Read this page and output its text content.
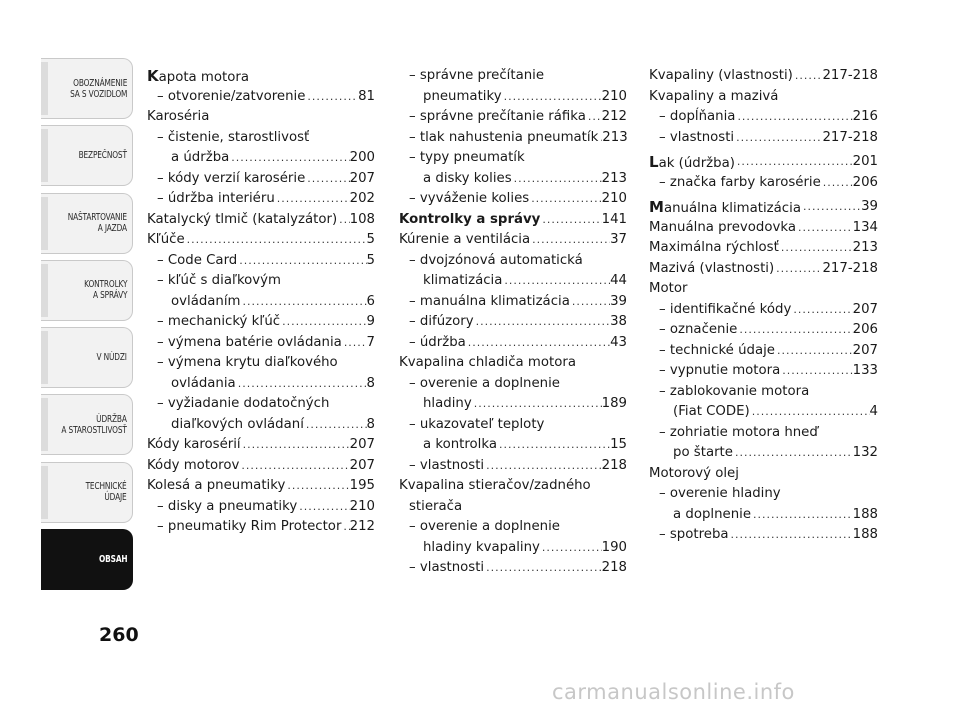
OBOZNÁMENIE
SA S VOZIDLOM
BEZPEČNOSŤ
NAŠTARTOVANIE
A JAZDA
KONTROLKY
A SPRÁVY
V NÚDZI
ÚDRŽBA
A STAROSTLIVOSŤ
TECHNICKÉ
ÚDAJE
OBSAH
260
Kapota motora
– otvorenie/zatvorenie .....	81
Karoséria
– čistenie, starostlivosť
a údržba .....	200
– kódy verzií karosérie .....	207
– údržba interiéru .....	202
Katalycký tlmič (katalyzátor) ..... 108
Kľúče .....	5
– Code Card .....	5
– kľúč s diaľkovým
ovládaním .....	6
– mechanický kľúč .....	9
– výmena batérie ovládania ..... 7
– výmena krytu diaľkového
ovládania .....	8
– vyžiadanie dodatočných
diaľkových ovládaní .....	8
Kódy karosérií .....	207
Kódy motorov .....	207
Kolesá a pneumatiky .....	195
– disky a pneumatiky .....	210
– pneumatiky Rim Protector ..... 212
– správne prečítanie
pneumatiky .....	210
– správne prečítanie ráfika ..... 212
– tlak nahustenia pneumatík ..... 213
– typy pneumatík
a disky kolies .....	213
– vyváženie kolies .....	210
Kontrolky a správy .....	141
Kúrenie a ventilácia .....	37
– dvojzónová automatická
klimatizácia .....	44
– manuálna klimatizácia .....	39
– difúzory .....	38
– údržba .....	43
Kvapalina chladiča motora
– overenie a doplnenie
hladiny .....	189
– ukazovateľ teploty
a kontrolka .....	15
– vlastnosti .....	218
Kvapalina stieračov/zadného
stierača
– overenie a doplnenie
hladiny kvapaliny .....	190
– vlastnosti .....	218
Kvapaliny (vlastnosti) ..... 217-218
Kvapaliny a mazivá
– dopĺňania .....	216
– vlastnosti .....	217-218
Lak (údržba) .....	201
– značka farby karosérie ..... 206
Manuálna klimatizácia .....	39
Manuálna prevodovka .....	134
Maximálna rýchlosť .....	213
Mazivá (vlastnosti) .....	217-218
Motor
– identifikačné kódy .....	207
– označenie .....	206
– technické údaje .....	207
– vypnutie motora .....	133
– zablokovanie motora
(Fiat CODE) .....	4
– zohriatie motora hneď
po štarte .....	132
Motorový olej
– overenie hladiny
a doplnenie .....	188
– spotreba .....	188
carmanualsonline.info
